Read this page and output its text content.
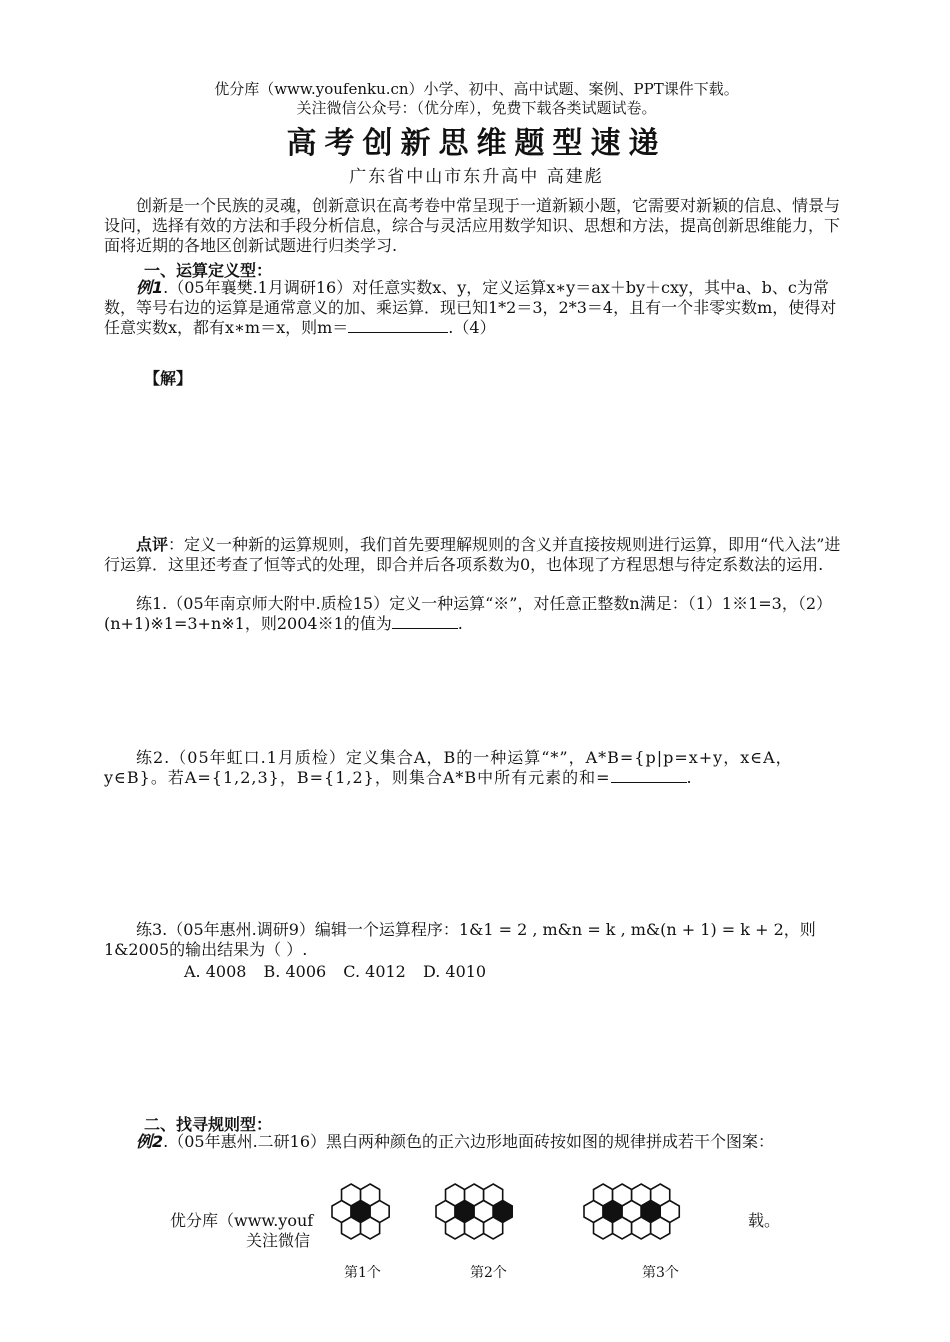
优分库（www.youfenku.cn）小学、初中、高中试题、案例、PPT课件下载。
关注微信公众号：（优分库），免费下载各类试题试卷。
高考创新思维题型速递
广东省中山市东升高中 高建彪
创新是一个民族的灵魂，创新意识在高考卷中常呈现于一道新颖小题，它需要对新颖的信息、情景与设问，选择有效的方法和手段分析信息，综合与灵活应用数学知识、思想和方法，提高创新思维能力，下面将近期的各地区创新试题进行归类学习.
一、运算定义型：
例1.（05年襄樊.1月调研16）对任意实数x、y，定义运算x∗y＝ax＋by＋cxy，其中a、b、c为常数，等号右边的运算是通常意义的加、乘运算．现已知1*2＝3，2*3＝4，且有一个非零实数m，使得对任意实数x，都有x∗m＝x，则m＝	.（4）
【解】
点评：定义一种新的运算规则，我们首先要理解规则的含义并直接按规则进行运算，即用“代入法”进行运算．这里还考查了恒等式的处理，即合并后各项系数为0，也体现了方程思想与待定系数法的运用.
练1.（05年南京师大附中.质检15）定义一种运算“※”，对任意正整数n满足：（1）1※1=3，（2）(n+1)※1=3+n※1，则2004※1的值为	.
练2.（05年虹口.1月质检）定义集合A，B的一种运算“*”，A*B={p|p=x+y，x∈A，y∈B}。若A={1,2,3}，B={1,2}，则集合A*B中所有元素的和=	.
练3.（05年惠州.调研9）编辑一个运算程序：1&1 = 2 , m&n = k , m&(n + 1) = k + 2，则1&2005的输出结果为（ ）.
A. 4008 B. 4006 C. 4012 D. 4010
二、找寻规则型：
例2.（05年惠州.二研16）黑白两种颜色的正六边形地面砖按如图的规律拼成若干个图案：
优分库（www.youf	载。
关注微信
第1个	第2个	第3个
